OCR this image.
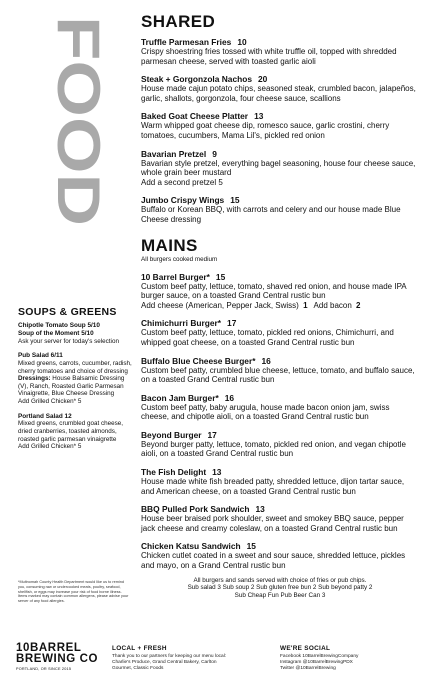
FOOD SHARED
Truffle Parmesan Fries 10
Crispy shoestring fries tossed with white truffle oil, topped with shredded parmesan cheese, served with toasted garlic aioli
Steak + Gorgonzola Nachos 20
House made cajun potato chips, seasoned steak, crumbled bacon, jalapeños, garlic, shallots, gorgonzola, four cheese sauce, scallions
Baked Goat Cheese Platter 13
Warm whipped goat cheese dip, romesco sauce, garlic crostini, cherry tomatoes, cucumbers, Mama Lil's, pickled red onion
Bavarian Pretzel 9
Bavarian style pretzel, everything bagel seasoning, house four cheese sauce, whole grain beer mustard
Add a second pretzel 5
Jumbo Crispy Wings 15
Buffalo or Korean BBQ, with carrots and celery and our house made Blue Cheese dressing
MAINS
All burgers cooked medium
10 Barrel Burger* 15
Custom beef patty, lettuce, tomato, shaved red onion, and house made IPA burger sauce, on a toasted Grand Central rustic bun
Add cheese (American, Pepper Jack, Swiss) 1 Add bacon 2
Chimichurri Burger* 17
Custom beef patty, lettuce, tomato, pickled red onions, Chimichurri, and whipped goat cheese, on a toasted Grand Central rustic bun
Buffalo Blue Cheese Burger* 16
Custom beef patty, crumbled blue cheese, lettuce, tomato, and buffalo sauce, on a toasted Grand Central rustic bun
Bacon Jam Burger* 16
Custom beef patty, baby arugula, house made bacon onion jam, swiss cheese, and chipotle aioli, on a toasted Grand Central rustic bun
Beyond Burger 17
Beyond burger patty, lettuce, tomato, pickled red onion, and vegan chipotle aioli, on a toasted Grand Central rustic bun
The Fish Delight 13
House made white fish breaded patty, shredded lettuce, dijon tartar sauce, and American cheese, on a toasted Grand Central rustic bun
BBQ Pulled Pork Sandwich 13
House beer braised pork shoulder, sweet and smokey BBQ sauce, pepper jack cheese and creamy coleslaw, on a toasted Grand Central rustic bun
Chicken Katsu Sandwich 15
Chicken cutlet coated in a sweet and sour sauce, shredded lettuce, pickles and mayo, on a Grand Central rustic bun
All burgers and sands served with choice of fries or pub chips.
Sub salad 3 Sub soup 2 Sub gluten free bun 2 Sub beyond patty 2
Sub Cheap Fun Pub Beer Can 3
SOUPS & GREENS
Chipotle Tomato Soup 5/10
Soup of the Moment 5/10
Ask your server for today's selection
Pub Salad 6/11
Mixed greens, carrots, cucumber, radish, cherry tomatoes and choice of dressing
Dressings: House Balsamic Dressing (V), Ranch, Roasted Garlic Parmesan Vinaigrette, Blue Cheese Dressing
Add Grilled Chicken* 5
Portland Salad 12
Mixed greens, crumbled goat cheese, dried cranberries, toasted almonds, roasted garlic parmesan vinaigrette
Add Grilled Chicken* 5
*Multnomah County Health Department would like us to remind you, consuming raw or undercooked meats, poultry, seafood, shellfish, or eggs may increase your risk of food borne illness. Items marked may contain common allergens, please advise your server of any food allergies.
10BARREL
BREWING CO
PORTLAND, OR SINCE 2015
LOCAL + FRESH
Thank you to our partners for keeping our menu local: Charlie's Produce, Grand Central Bakery, Carlton Gourmet, Classic Foods
WE'RE SOCIAL
Facebook 10BarrelBrewingCompany
Instagram @10BarrelBrewingPDX
Twitter @10BarrelBrewing
